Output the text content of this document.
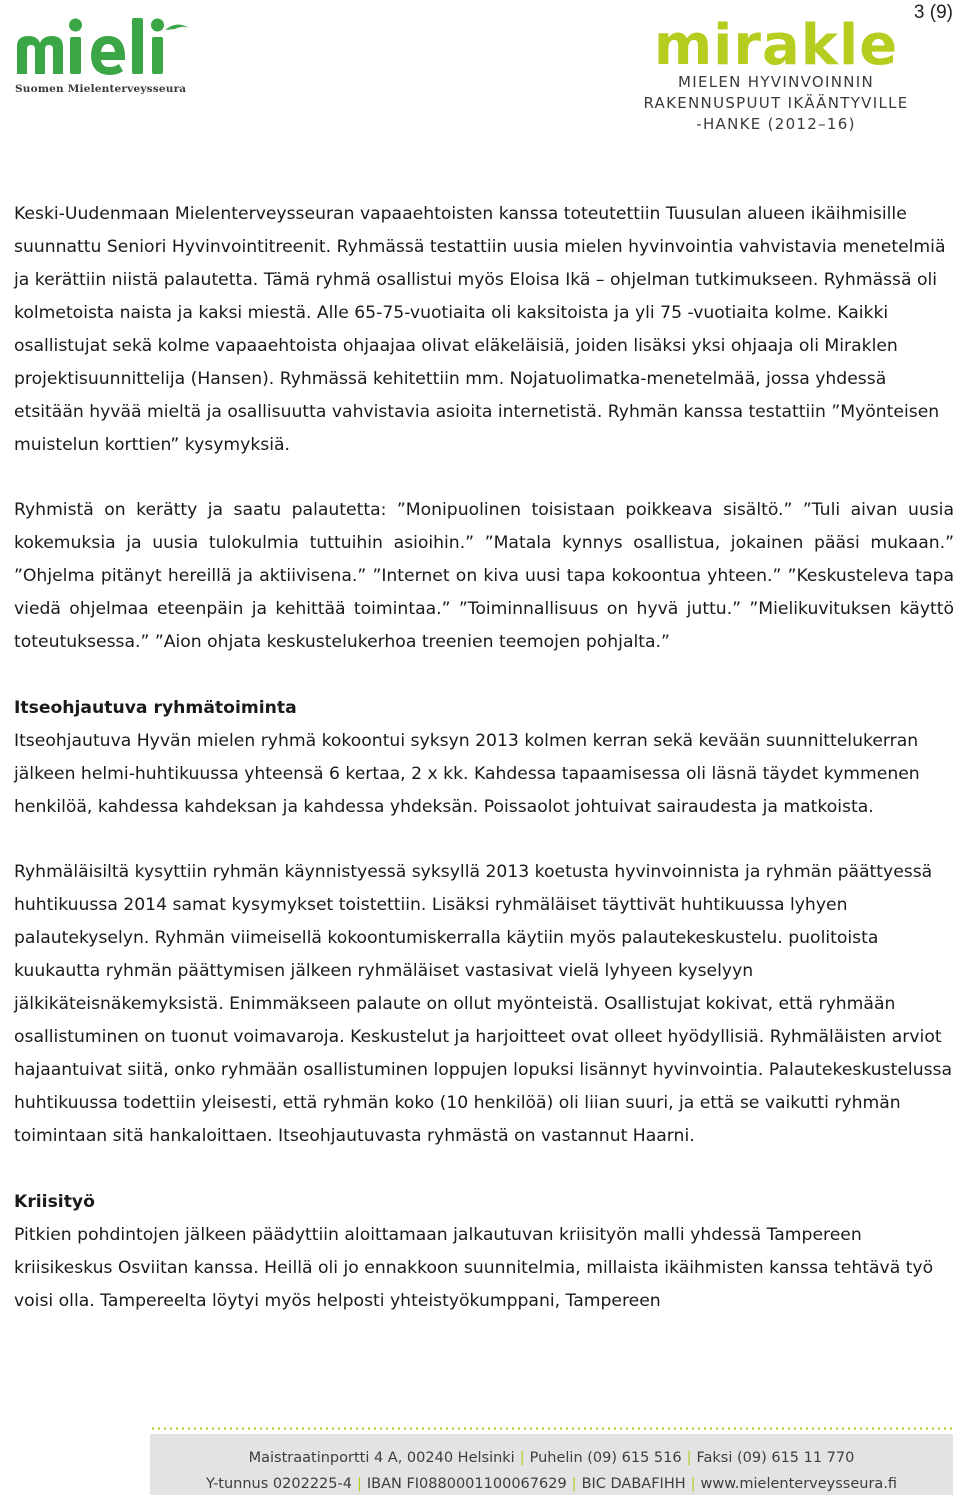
3 (9)
Suomen Mielenterveysseura
mirakle
MIELEN HYVINVOINNIN
RAKENNUSPUUT IKÄÄNTYVILLE
-HANKE (2012–16)

Keski-Uudenmaan Mielenterveysseuran vapaaehtoisten kanssa toteutettiin Tuusulan alueen ikäihmisille suunnattu Seniori Hyvinvointitreenit. Ryhmässä testattiin uusia mielen hyvinvointia vahvistavia menetelmiä ja kerättiin niistä palautetta. Tämä ryhmä osallistui myös Eloisa Ikä – ohjelman tutkimukseen. Ryhmässä oli kolmetoista naista ja kaksi miestä. Alle 65-75-vuotiaita oli kaksitoista ja yli 75 -vuotiaita kolme. Kaikki osallistujat sekä kolme vapaaehtoista ohjaajaa olivat eläkeläisiä, joiden lisäksi yksi ohjaaja oli Miraklen projektisuunnittelija (Hansen). Ryhmässä kehitettiin mm. Nojatuolimatka-menetelmää, jossa yhdessä etsitään hyvää mieltä ja osallisuutta vahvistavia asioita internetistä. Ryhmän kanssa testattiin ”Myönteisen muistelun korttien” kysymyksiä.

Ryhmistä on kerätty ja saatu palautetta: ”Monipuolinen toisistaan poikkeava sisältö.” ”Tuli aivan uusia kokemuksia ja uusia tulokulmia tuttuihin asioihin.” ”Matala kynnys osallistua, jokainen pääsi mukaan.” ”Ohjelma pitänyt hereillä ja aktiivisena.” ”Internet on kiva uusi tapa kokoontua yhteen.” ”Keskusteleva tapa viedä ohjelmaa eteenpäin ja kehittää toimintaa.” ”Toiminnallisuus on hyvä juttu.” ”Mielikuvituksen käyttö toteutuksessa.” ”Aion ohjata keskustelukerhoa treenien teemojen pohjalta.”

Itseohjautuva ryhmätoiminta

Itseohjautuva Hyvän mielen ryhmä kokoontui syksyn 2013 kolmen kerran sekä kevään suunnittelukerran jälkeen helmi-huhtikuussa yhteensä 6 kertaa, 2 x kk. Kahdessa tapaamisessa oli läsnä täydet kymmenen henkilöä, kahdessa kahdeksan ja kahdessa yhdeksän. Poissaolot johtuivat sairaudesta ja matkoista.

Ryhmäläisiltä kysyttiin ryhmän käynnistyessä syksyllä 2013 koetusta hyvinvoinnista ja ryhmän päättyessä huhtikuussa 2014 samat kysymykset toistettiin. Lisäksi ryhmäläiset täyttivät huhtikuussa lyhyen palautekyselyn. Ryhmän viimeisellä kokoontumiskerralla käytiin myös palautekeskustelu. puolitoista kuukautta ryhmän päättymisen jälkeen ryhmäläiset vastasivat vielä lyhyeen kyselyyn jälkikäteisnäkemyksistä. Enimmäkseen palaute on ollut myönteistä. Osallistujat kokivat, että ryhmään osallistuminen on tuonut voimavaroja. Keskustelut ja harjoitteet ovat olleet hyödyllisiä. Ryhmäläisten arviot hajaantuivat siitä, onko ryhmään osallistuminen loppujen lopuksi lisännyt hyvinvointia. Palautekeskustelussa huhtikuussa todettiin yleisesti, että ryhmän koko (10 henkilöä) oli liian suuri, ja että se vaikutti ryhmän toimintaan sitä hankaloittaen. Itseohjautuvasta ryhmästä on vastannut Haarni.

Kriisityö

Pitkien pohdintojen jälkeen päädyttiin aloittamaan jalkautuvan kriisityön malli yhdessä Tampereen kriisikeskus Osviitan kanssa. Heillä oli jo ennakkoon suunnitelmia, millaista ikäihmisten kanssa tehtävä työ voisi olla. Tampereelta löytyi myös helposti yhteistyökumppani, Tampereen

Maistraatinportti 4 A, 00240 Helsinki | Puhelin (09) 615 516 | Faksi (09) 615 11 770
Y-tunnus 0202225-4 | IBAN FI0880001100067629 | BIC DABAFIHH | www.mielenterveysseura.fi
